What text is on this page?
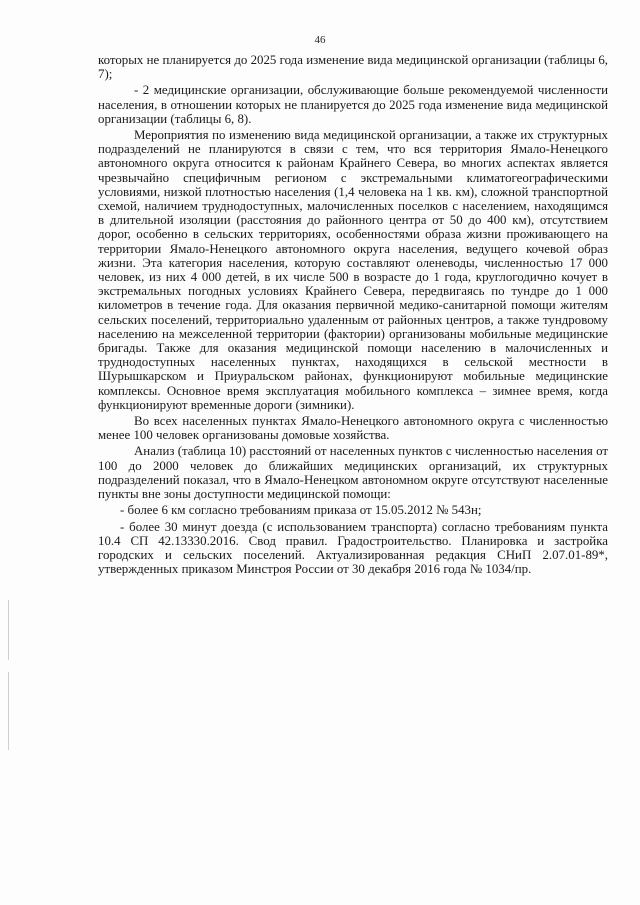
46

которых не планируется до 2025 года изменение вида медицинской организации (таблицы 6, 7);

- 2 медицинские организации, обслуживающие больше рекомендуемой численности населения, в отношении которых не планируется до 2025 года изменение вида медицинской организации (таблицы 6, 8).

Мероприятия по изменению вида медицинской организации, а также их структурных подразделений не планируются в связи с тем, что вся территория Ямало-Ненецкого автономного округа относится к районам Крайнего Севера, во многих аспектах является чрезвычайно специфичным регионом с экстремальными климатогеографическими условиями, низкой плотностью населения (1,4 человека на 1 кв. км), сложной транспортной схемой, наличием труднодоступных, малочисленных поселков с населением, находящимся в длительной изоляции (расстояния до районного центра от 50 до 400 км), отсутствием дорог, особенно в сельских территориях, особенностями образа жизни проживающего на территории Ямало-Ненецкого автономного округа населения, ведущего кочевой образ жизни. Эта категория населения, которую составляют оленеводы, численностью 17 000 человек, из них 4 000 детей, в их числе 500 в возрасте до 1 года, круглогодично кочует в экстремальных погодных условиях Крайнего Севера, передвигаясь по тундре до 1 000 километров в течение года. Для оказания первичной медико-санитарной помощи жителям сельских поселений, территориально удаленным от районных центров, а также тундровому населению на межселенной территории (фактории) организованы мобильные медицинские бригады. Также для оказания медицинской помощи населению в малочисленных и труднодоступных населенных пунктах, находящихся в сельской местности в Шурышкарском и Приуральском районах, функционируют мобильные медицинские комплексы. Основное время эксплуатация мобильного комплекса – зимнее время, когда функционируют временные дороги (зимники).

Во всех населенных пунктах Ямало-Ненецкого автономного округа с численностью менее 100 человек организованы домовые хозяйства.

Анализ (таблица 10) расстояний от населенных пунктов с численностью населения от 100 до 2000 человек до ближайших медицинских организаций, их структурных подразделений показал, что в Ямало-Ненецком автономном округе отсутствуют населенные пункты вне зоны доступности медицинской помощи:

- более 6 км согласно требованиям приказа от 15.05.2012 № 543н;

- более 30 минут доезда (с использованием транспорта) согласно требованиям пункта 10.4 СП 42.13330.2016. Свод правил. Градостроительство. Планировка и застройка городских и сельских поселений. Актуализированная редакция СНиП 2.07.01-89*, утвержденных приказом Минстроя России от 30 декабря 2016 года № 1034/пр.
